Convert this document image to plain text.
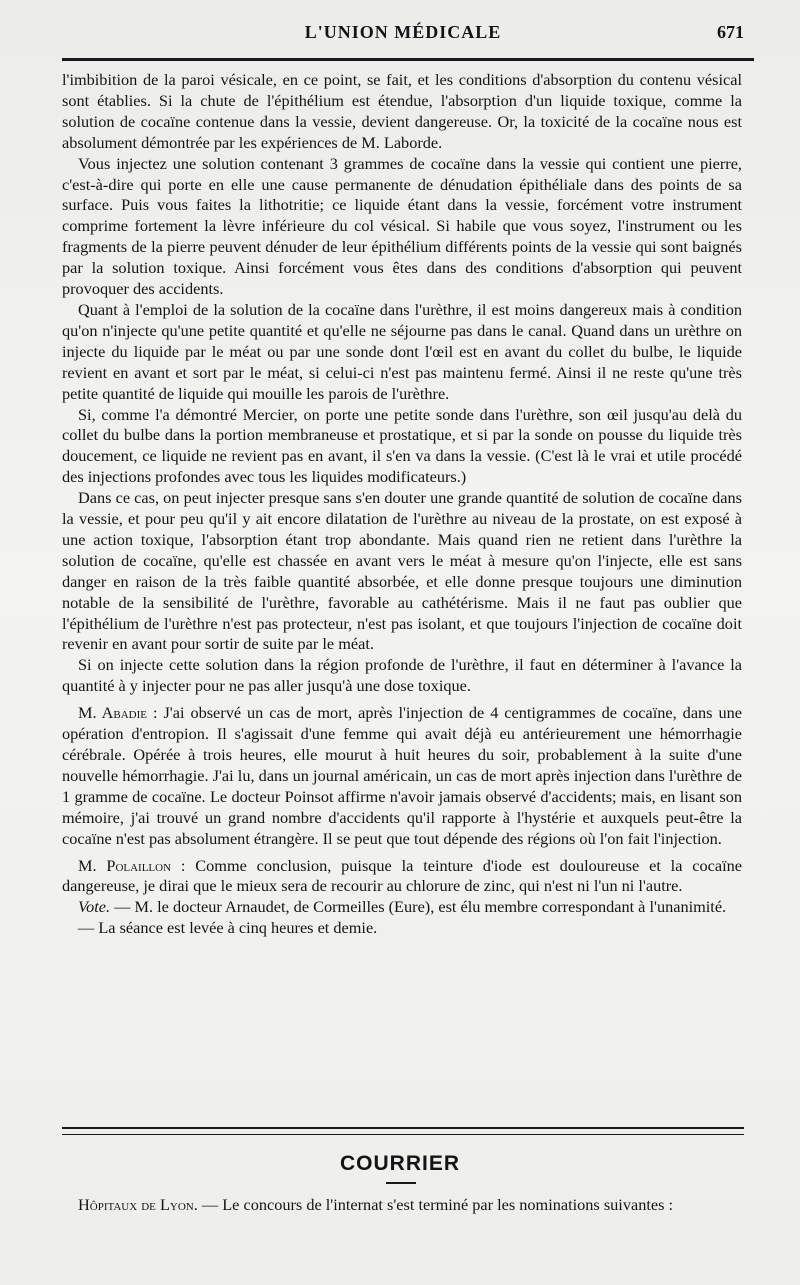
L'UNION MÉDICALE	671

l'imbibition de la paroi vésicale, en ce point, se fait, et les conditions d'absorption du contenu vésical sont établies. Si la chute de l'épithélium est étendue, l'absorption d'un liquide toxique, comme la solution de cocaïne contenue dans la vessie, devient dangereuse. Or, la toxicité de la cocaïne nous est absolument démontrée par les expériences de M. Laborde.

Vous injectez une solution contenant 3 grammes de cocaïne dans la vessie qui contient une pierre, c'est-à-dire qui porte en elle une cause permanente de dénudation épithéliale dans des points de sa surface. Puis vous faites la lithotritie; ce liquide étant dans la vessie, forcément votre instrument comprime fortement la lèvre inférieure du col vésical. Si habile que vous soyez, l'instrument ou les fragments de la pierre peuvent dénuder de leur épithélium différents points de la vessie qui sont baignés par la solution toxique. Ainsi forcément vous êtes dans des conditions d'absorption qui peuvent provoquer des accidents.

Quant à l'emploi de la solution de la cocaïne dans l'urèthre, il est moins dangereux mais à condition qu'on n'injecte qu'une petite quantité et qu'elle ne séjourne pas dans le canal. Quand dans un urèthre on injecte du liquide par le méat ou par une sonde dont l'œil est en avant du collet du bulbe, le liquide revient en avant et sort par le méat, si celui-ci n'est pas maintenu fermé. Ainsi il ne reste qu'une très petite quantité de liquide qui mouille les parois de l'urèthre.

Si, comme l'a démontré Mercier, on porte une petite sonde dans l'urèthre, son œil jusqu'au delà du collet du bulbe dans la portion membraneuse et prostatique, et si par la sonde on pousse du liquide très doucement, ce liquide ne revient pas en avant, il s'en va dans la vessie. (C'est là le vrai et utile procédé des injections profondes avec tous les liquides modificateurs.)

Dans ce cas, on peut injecter presque sans s'en douter une grande quantité de solution de cocaïne dans la vessie, et pour peu qu'il y ait encore dilatation de l'urèthre au niveau de la prostate, on est exposé à une action toxique, l'absorption étant trop abondante. Mais quand rien ne retient dans l'urèthre la solution de cocaïne, qu'elle est chassée en avant vers le méat à mesure qu'on l'injecte, elle est sans danger en raison de la très faible quantité absorbée, et elle donne presque toujours une diminution notable de la sensibilité de l'urèthre, favorable au cathétérisme. Mais il ne faut pas oublier que l'épithélium de l'urèthre n'est pas protecteur, n'est pas isolant, et que toujours l'injection de cocaïne doit revenir en avant pour sortir de suite par le méat.

Si on injecte cette solution dans la région profonde de l'urèthre, il faut en déterminer à l'avance la quantité à y injecter pour ne pas aller jusqu'à une dose toxique.

M. Abadie : J'ai observé un cas de mort, après l'injection de 4 centigrammes de cocaïne, dans une opération d'entropion. Il s'agissait d'une femme qui avait déjà eu antérieurement une hémorrhagie cérébrale. Opérée à trois heures, elle mourut à huit heures du soir, probablement à la suite d'une nouvelle hémorrhagie. J'ai lu, dans un journal américain, un cas de mort après injection dans l'urèthre de 1 gramme de cocaïne. Le docteur Poinsot affirme n'avoir jamais observé d'accidents; mais, en lisant son mémoire, j'ai trouvé un grand nombre d'accidents qu'il rapporte à l'hystérie et auxquels peut-être la cocaïne n'est pas absolument étrangère. Il se peut que tout dépende des régions où l'on fait l'injection.

M. Polaillon : Comme conclusion, puisque la teinture d'iode est douloureuse et la cocaïne dangereuse, je dirai que le mieux sera de recourir au chlorure de zinc, qui n'est ni l'un ni l'autre.

Vote. — M. le docteur Arnaudet, de Cormeilles (Eure), est élu membre correspondant à l'unanimité.

— La séance est levée à cinq heures et demie.

COURRIER

Hôpitaux de Lyon. — Le concours de l'internat s'est terminé par les nominations suivantes :
